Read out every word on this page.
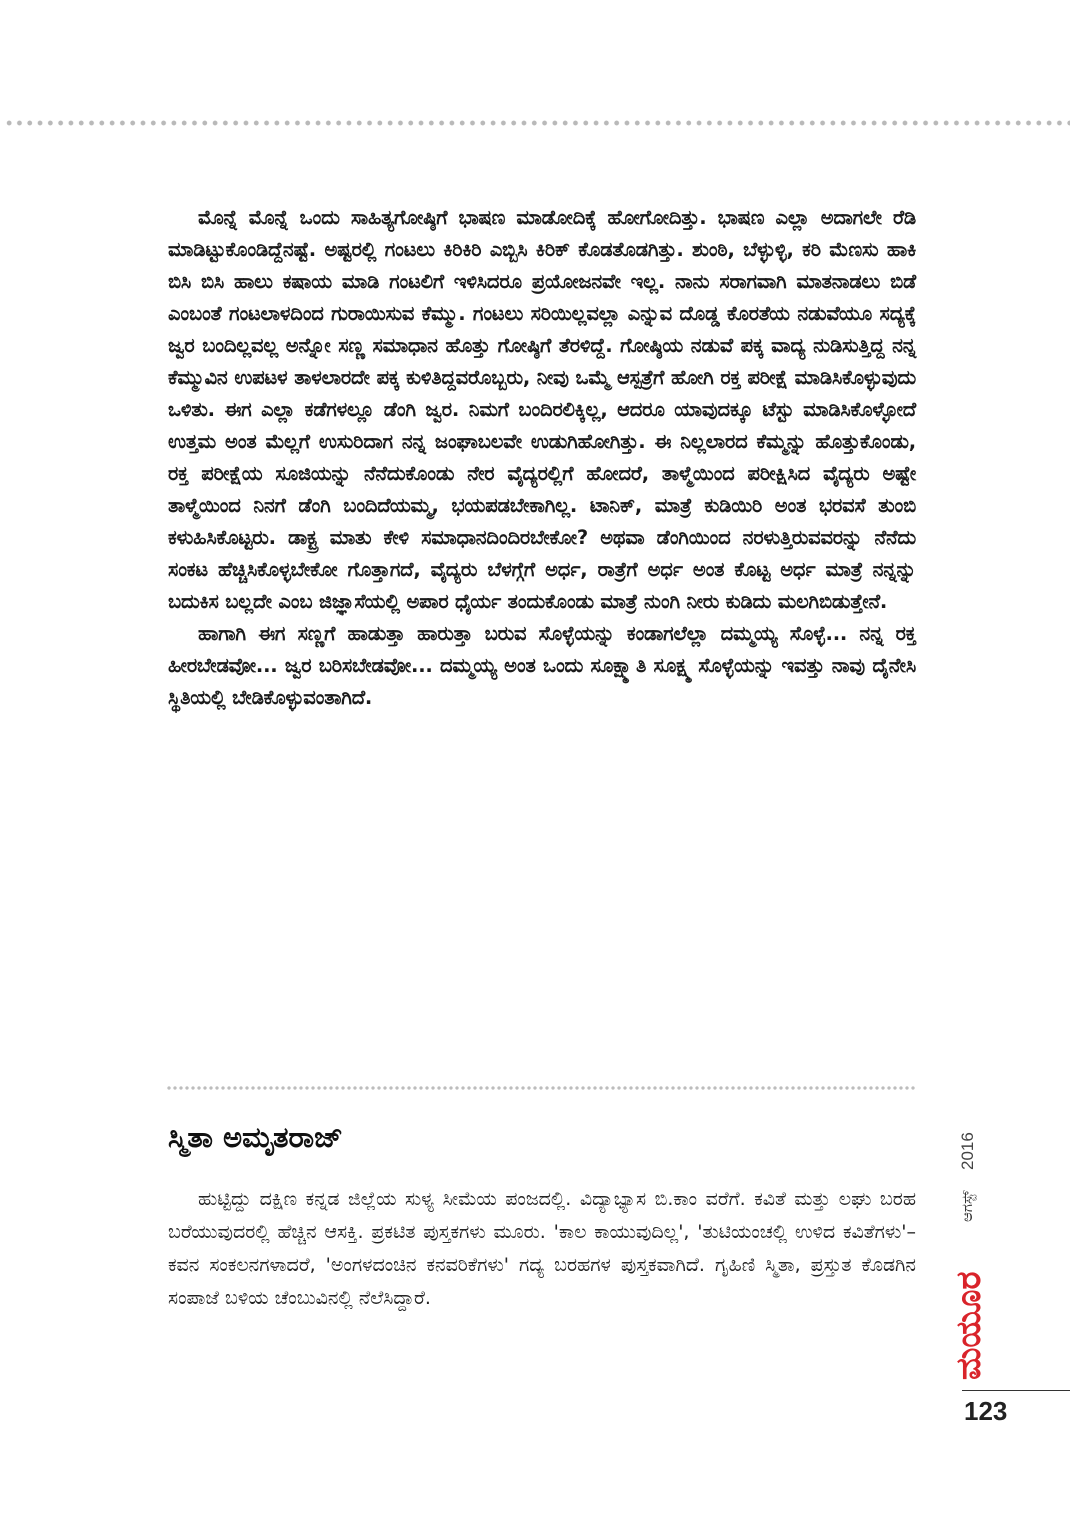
ಮೊನ್ನೆ ಮೊನ್ನೆ ಒಂದು ಸಾಹಿತ್ಯಗೋಷ್ಠಿಗೆ ಭಾಷಣ ಮಾಡೋದಿಕ್ಕೆ ಹೋಗೋದಿತ್ತು. ಭಾಷಣ ಎಲ್ಲಾ ಅದಾಗಲೇ ರೆಡಿ ಮಾಡಿಟ್ಟುಕೊಂಡಿದ್ದೆನಷ್ಟೆ. ಅಷ್ಟರಲ್ಲಿ ಗಂಟಲು ಕಿರಿಕಿರಿ ಎಬ್ಬಿಸಿ ಕಿರಿಕ್ ಕೊಡತೊಡಗಿತ್ತು. ಶುಂಠಿ, ಬೆಳ್ಳುಳ್ಳಿ, ಕರಿ ಮೆಣಸು ಹಾಕಿ ಬಿಸಿ ಬಿಸಿ ಹಾಲು ಕಷಾಯ ಮಾಡಿ ಗಂಟಲಿಗೆ ಇಳಿಸಿದರೂ ಪ್ರಯೋಜನವೇ ಇಲ್ಲ. ನಾನು ಸರಾಗವಾಗಿ ಮಾತನಾಡಲು ಬಿಡೆ ಎಂಬಂತೆ ಗಂಟಲಾಳದಿಂದ ಗುರಾಯಿಸುವ ಕೆಮ್ಮು. ಗಂಟಲು ಸರಿಯಿಲ್ಲವಲ್ಲಾ ಎನ್ನುವ ದೊಡ್ಡ ಕೊರತೆಯ ನಡುವೆಯೂ ಸದ್ಯಕ್ಕೆ ಜ್ವರ ಬಂದಿಲ್ಲವಲ್ಲ ಅನ್ನೋ ಸಣ್ಣ ಸಮಾಧಾನ ಹೊತ್ತು ಗೋಷ್ಠಿಗೆ ತೆರಳಿದ್ದೆ. ಗೋಷ್ಠಿಯ ನಡುವೆ ಪಕ್ಕ ವಾದ್ಯ ನುಡಿಸುತ್ತಿದ್ದ ನನ್ನ ಕೆಮ್ಮುವಿನ ಉಪಟಳ ತಾಳಲಾರದೇ ಪಕ್ಕ ಕುಳಿತಿದ್ದವರೊಬ್ಬರು, ನೀವು ಒಮ್ಮೆ ಆಸ್ಪತ್ರೆಗೆ ಹೋಗಿ ರಕ್ತ ಪರೀಕ್ಷೆ ಮಾಡಿಸಿಕೊಳ್ಳುವುದು ಒಳಿತು. ಈಗ ಎಲ್ಲಾ ಕಡೆಗಳಲ್ಲೂ ಡೆಂಗಿ ಜ್ವರ. ನಿಮಗೆ ಬಂದಿರಲಿಕ್ಕಿಲ್ಲ, ಆದರೂ ಯಾವುದಕ್ಕೂ ಟೆಸ್ಟು ಮಾಡಿಸಿಕೊಳ್ಳೋದೆ ಉತ್ತಮ ಅಂತ ಮೆಲ್ಲಗೆ ಉಸುರಿದಾಗ ನನ್ನ ಜಂಘಾಬಲವೇ ಉಡುಗಿಹೋಗಿತ್ತು. ಈ ನಿಲ್ಲಲಾರದ ಕೆಮ್ಮನ್ನು ಹೊತ್ತುಕೊಂಡು, ರಕ್ತ ಪರೀಕ್ಷೆಯ ಸೂಜಿಯನ್ನು ನೆನೆದುಕೊಂಡು ನೇರ ವೈದ್ಯರಲ್ಲಿಗೆ ಹೋದರೆ, ತಾಳ್ಮೆಯಿಂದ ಪರೀಕ್ಷಿಸಿದ ವೈದ್ಯರು ಅಷ್ಟೇ ತಾಳ್ಮೆಯಿಂದ ನಿನಗೆ ಡೆಂಗಿ ಬಂದಿದೆಯಮ್ಮ, ಭಯಪಡಬೇಕಾಗಿಲ್ಲ. ಟಾನಿಕ್, ಮಾತ್ರೆ ಕುಡಿಯಿರಿ ಅಂತ ಭರವಸೆ ತುಂಬಿ ಕಳುಹಿಸಿಕೊಟ್ಟರು. ಡಾಕ್ಟ್ರ ಮಾತು ಕೇಳಿ ಸಮಾಧಾನದಿಂದಿರಬೇಕೋ? ಅಥವಾ ಡೆಂಗಿಯಿಂದ ನರಳುತ್ತಿರುವವರನ್ನು ನೆನೆದು ಸಂಕಟ ಹೆಚ್ಚಿಸಿಕೊಳ್ಳಬೇಕೋ ಗೊತ್ತಾಗದೆ, ವೈದ್ಯರು ಬೆಳಗ್ಗೆಗೆ ಅರ್ಧ, ರಾತ್ರೆಗೆ ಅರ್ಧ ಅಂತ ಕೊಟ್ಟ ಅರ್ಧ ಮಾತ್ರೆ ನನ್ನನ್ನು ಬದುಕಿಸ ಬಲ್ಲದೇ ಎಂಬ ಜಿಜ್ಞಾಸೆಯಲ್ಲಿ ಅಪಾರ ಧೈರ್ಯ ತಂದುಕೊಂಡು ಮಾತ್ರೆ ನುಂಗಿ ನೀರು ಕುಡಿದು ಮಲಗಿಬಿಡುತ್ತೇನೆ.

ಹಾಗಾಗಿ ಈಗ ಸಣ್ಣಗೆ ಹಾಡುತ್ತಾ ಹಾರುತ್ತಾ ಬರುವ ಸೊಳ್ಳೆಯನ್ನು ಕಂಡಾಗಲೆಲ್ಲಾ ದಮ್ಮಯ್ಯ ಸೊಳ್ಳೆ... ನನ್ನ ರಕ್ತ ಹೀರಬೇಡವೋ... ಜ್ವರ ಬರಿಸಬೇಡವೋ... ದಮ್ಮಯ್ಯ ಅಂತ ಒಂದು ಸೂಕ್ಷ್ಮಾತಿ ಸೂಕ್ಷ್ಮ ಸೊಳ್ಳೆಯನ್ನು ಇವತ್ತು ನಾವು ದೈನೇಸಿ ಸ್ಥಿತಿಯಲ್ಲಿ ಬೇಡಿಕೊಳ್ಳುವಂತಾಗಿದೆ.

ಸ್ಮಿತಾ ಅಮೃತರಾಜ್

ಹುಟ್ಟಿದ್ದು ದಕ್ಷಿಣ ಕನ್ನಡ ಜಿಲ್ಲೆಯ ಸುಳ್ಯ ಸೀಮೆಯ ಪಂಜದಲ್ಲಿ. ವಿದ್ಯಾಭ್ಯಾಸ ಬಿ.ಕಾಂ ವರೆಗೆ. ಕವಿತೆ ಮತ್ತು ಲಘು ಬರಹ ಬರೆಯುವುದರಲ್ಲಿ ಹೆಚ್ಚಿನ ಆಸಕ್ತಿ. ಪ್ರಕಟಿತ ಪುಸ್ತಕಗಳು ಮೂರು. 'ಕಾಲ ಕಾಯುವುದಿಲ್ಲ', 'ತುಟಿಯಂಚಲ್ಲಿ ಉಳಿದ ಕವಿತೆಗಳು'–ಕವನ ಸಂಕಲನಗಳಾದರೆ, 'ಅಂಗಳದಂಚಿನ ಕನವರಿಕೆಗಳು' ಗದ್ಯ ಬರಹಗಳ ಪುಸ್ತಕವಾಗಿದೆ. ಗೃಹಿಣಿ ಸ್ಮಿತಾ, ಪ್ರಸ್ತುತ ಕೊಡಗಿನ ಸಂಪಾಜೆ ಬಳಿಯ ಚೆಂಬುವಿನಲ್ಲಿ ನೆಲೆಸಿದ್ದಾರೆ.	ಮಯೂರ
ಆಗಸ್ಟ್
2016
123
